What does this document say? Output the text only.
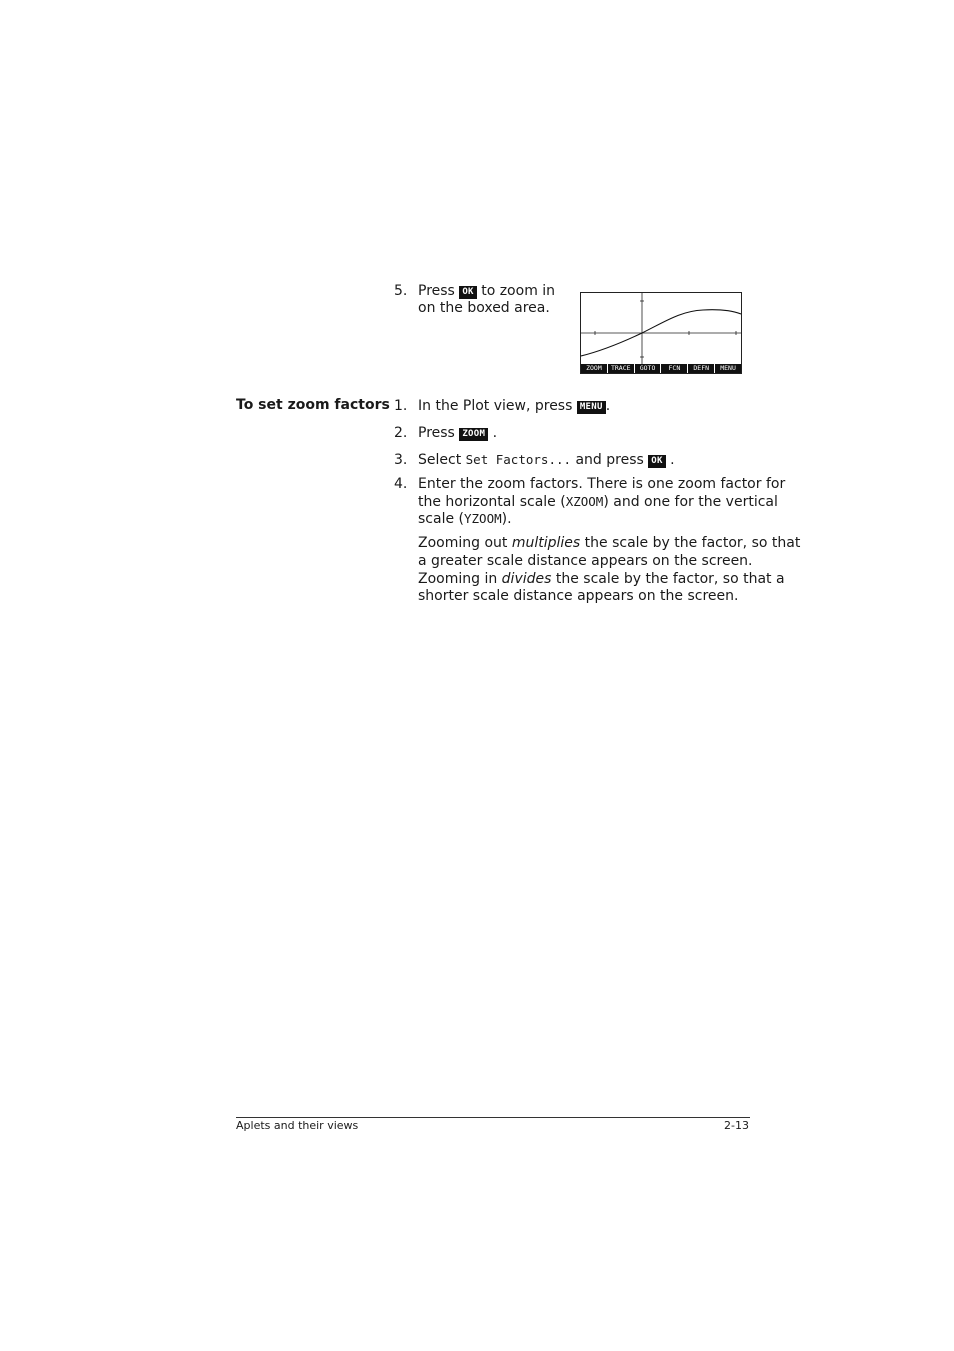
5. Press OK to zoom in
on the boxed area.
ZOOM	TRACE	GOTO	FCN	DEFN	MENU
To set zoom factors 1. In the Plot view, press MENU .
2. Press ZOOM .
3. Select Set Factors... and press OK .
4. Enter the zoom factors. There is one zoom factor for
the horizontal scale (XZOOM) and one for the vertical
scale (YZOOM).
Zooming out multiplies the scale by the factor, so that
a greater scale distance appears on the screen.
Zooming in divides the scale by the factor, so that a
shorter scale distance appears on the screen.
Aplets and their views	2-13
